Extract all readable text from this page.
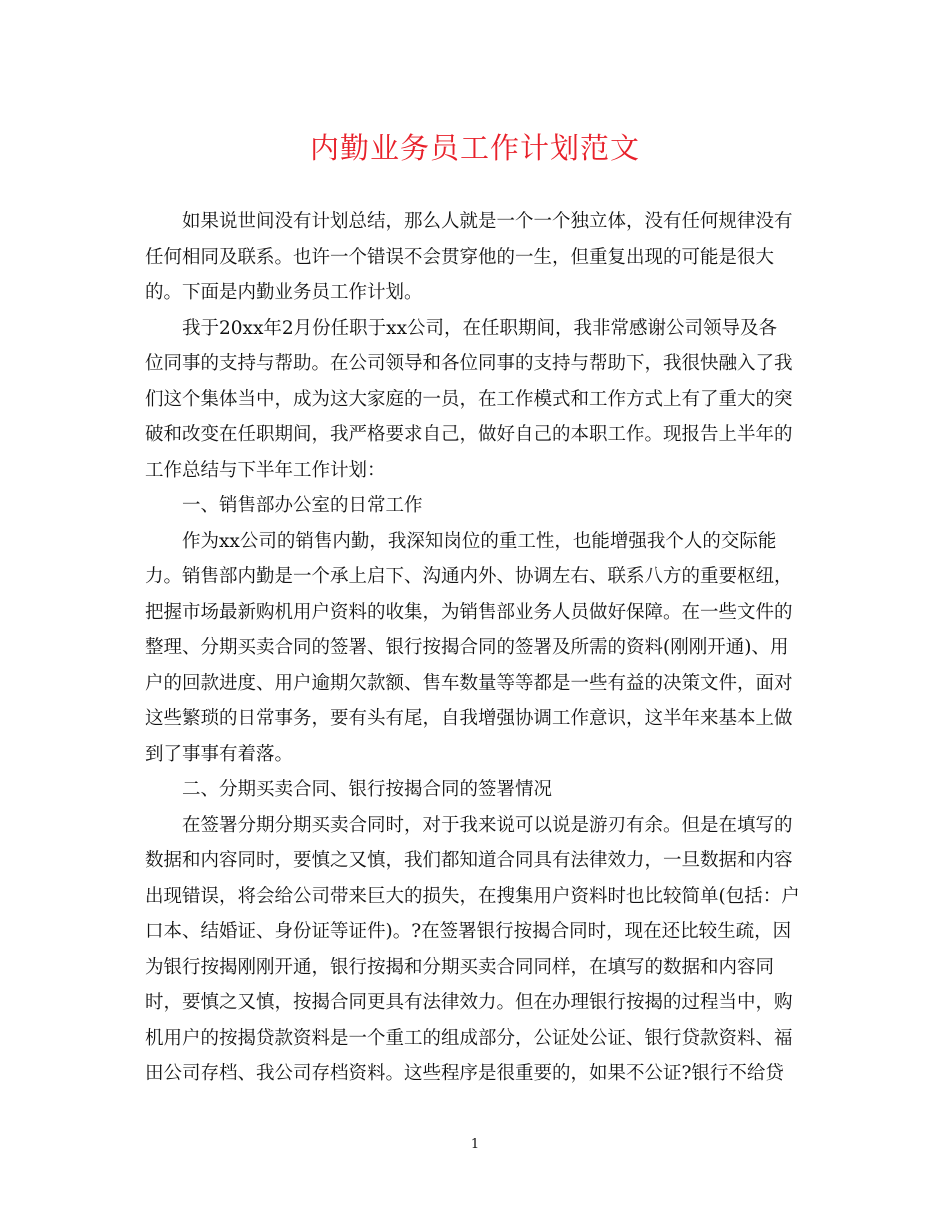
内勤业务员工作计划范文

如果说世间没有计划总结，那么人就是一个一个独立体，没有任何规律没有
任何相同及联系。也许一个错误不会贯穿他的一生，但重复出现的可能是很大
的。下面是内勤业务员工作计划。

我于20xx年2月份任职于xx公司，在任职期间，我非常感谢公司领导及各
位同事的支持与帮助。在公司领导和各位同事的支持与帮助下，我很快融入了我
们这个集体当中，成为这大家庭的一员，在工作模式和工作方式上有了重大的突
破和改变在任职期间，我严格要求自己，做好自己的本职工作。现报告上半年的
工作总结与下半年工作计划：

一、销售部办公室的日常工作

作为xx公司的销售内勤，我深知岗位的重工性，也能增强我个人的交际能
力。销售部内勤是一个承上启下、沟通内外、协调左右、联系八方的重要枢纽，
把握市场最新购机用户资料的收集，为销售部业务人员做好保障。在一些文件的
整理、分期买卖合同的签署、银行按揭合同的签署及所需的资料(刚刚开通)、用
户的回款进度、用户逾期欠款额、售车数量等等都是一些有益的决策文件，面对
这些繁琐的日常事务，要有头有尾，自我增强协调工作意识，这半年来基本上做
到了事事有着落。

二、分期买卖合同、银行按揭合同的签署情况

在签署分期分期买卖合同时，对于我来说可以说是游刃有余。但是在填写的
数据和内容同时，要慎之又慎，我们都知道合同具有法律效力，一旦数据和内容
出现错误，将会给公司带来巨大的损失，在搜集用户资料时也比较简单(包括：户
口本、结婚证、身份证等证件)。?在签署银行按揭合同时，现在还比较生疏，因
为银行按揭刚刚开通，银行按揭和分期买卖合同同样，在填写的数据和内容同
时，要慎之又慎，按揭合同更具有法律效力。但在办理银行按揭的过程当中，购
机用户的按揭贷款资料是一个重工的组成部分，公证处公证、银行贷款资料、福
田公司存档、我公司存档资料。这些程序是很重要的，如果不公证?银行不给贷

1
